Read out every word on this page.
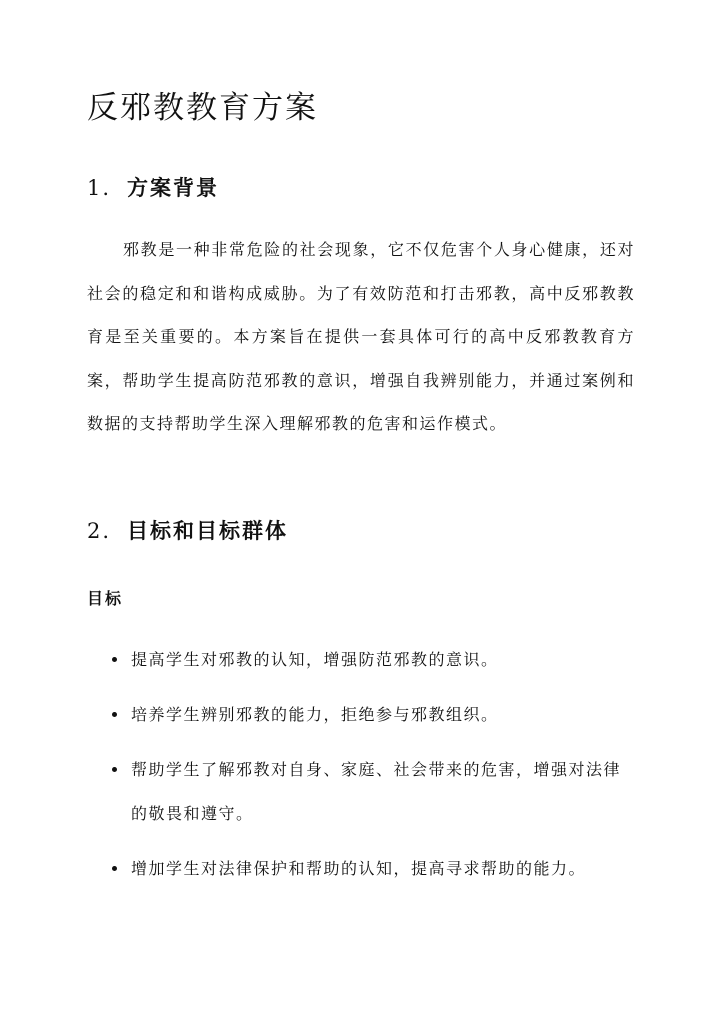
反邪教教育方案
1. 方案背景

邪教是一种非常危险的社会现象，它不仅危害个人身心健康，还对社会的稳定和和谐构成威胁。为了有效防范和打击邪教，高中反邪教教育是至关重要的。本方案旨在提供一套具体可行的高中反邪教教育方案，帮助学生提高防范邪教的意识，增强自我辨别能力，并通过案例和数据的支持帮助学生深入理解邪教的危害和运作模式。

2. 目标和目标群体
目标
提高学生对邪教的认知，增强防范邪教的意识。
培养学生辨别邪教的能力，拒绝参与邪教组织。
帮助学生了解邪教对自身、家庭、社会带来的危害，增强对法律的敬畏和遵守。
增加学生对法律保护和帮助的认知，提高寻求帮助的能力。
